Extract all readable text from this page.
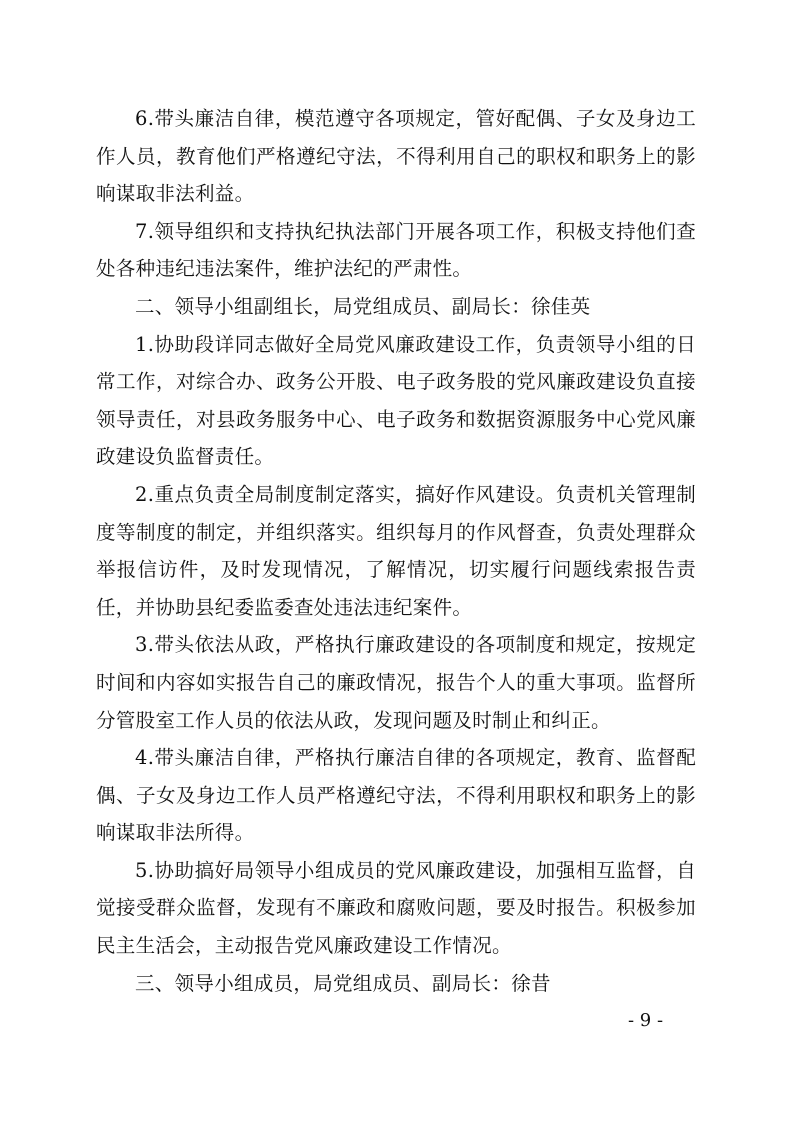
6.带头廉洁自律，模范遵守各项规定，管好配偶、子女及身边工作人员，教育他们严格遵纪守法，不得利用自己的职权和职务上的影响谋取非法利益。

7.领导组织和支持执纪执法部门开展各项工作，积极支持他们查处各种违纪违法案件，维护法纪的严肃性。

二、领导小组副组长，局党组成员、副局长：徐佳英

1.协助段详同志做好全局党风廉政建设工作，负责领导小组的日常工作，对综合办、政务公开股、电子政务股的党风廉政建设负直接领导责任，对县政务服务中心、电子政务和数据资源服务中心党风廉政建设负监督责任。

2.重点负责全局制度制定落实，搞好作风建设。负责机关管理制度等制度的制定，并组织落实。组织每月的作风督查，负责处理群众举报信访件，及时发现情况，了解情况，切实履行问题线索报告责任，并协助县纪委监委查处违法违纪案件。

3.带头依法从政，严格执行廉政建设的各项制度和规定，按规定时间和内容如实报告自己的廉政情况，报告个人的重大事项。监督所分管股室工作人员的依法从政，发现问题及时制止和纠正。

4.带头廉洁自律，严格执行廉洁自律的各项规定，教育、监督配偶、子女及身边工作人员严格遵纪守法，不得利用职权和职务上的影响谋取非法所得。

5.协助搞好局领导小组成员的党风廉政建设，加强相互监督，自觉接受群众监督，发现有不廉政和腐败问题，要及时报告。积极参加民主生活会，主动报告党风廉政建设工作情况。

三、领导小组成员，局党组成员、副局长：徐昔

- 9 -
